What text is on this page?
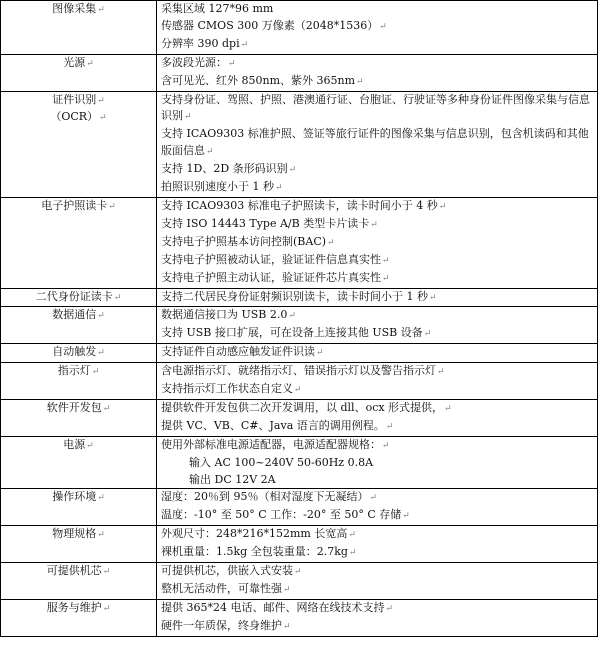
图像采集↵	采集区域 127*96 mm
传感器 CMOS 300 万像素（2048*1536）↵
分辨率 390 dpi↵

光源↵	多波段光源：↵
含可见光、红外 850nm、紫外 365nm↵

证件识别↵
（OCR）↵	支持身份证、驾照、护照、港澳通行证、台胞证、行驶证等多种身份证件图像采集与信息识别↵
支持 ICAO9303 标准护照、签证等旅行证件的图像采集与信息识别，包含机读码和其他版面信息↵
支持 1D、2D 条形码识别↵
拍照识别速度小于 1 秒↵

电子护照读卡↵	支持 ICAO9303 标准电子护照读卡，读卡时间小于 4 秒↵
支持 ISO 14443 Type A/B 类型卡片读卡↵
支持电子护照基本访问控制(BAC)↵
支持电子护照被动认证，验证证件信息真实性↵
支持电子护照主动认证，验证证件芯片真实性↵

二代身份证读卡↵	支持二代居民身份证射频识别读卡，读卡时间小于 1 秒↵

数据通信↵	数据通信接口为 USB 2.0↵
支持 USB 接口扩展，可在设备上连接其他 USB 设备↵

自动触发↵	支持证件自动感应触发证件识读↵

指示灯↵	含电源指示灯、就绪指示灯、错误指示灯以及警告指示灯↵
支持指示灯工作状态自定义↵

软件开发包↵	提供软件开发包供二次开发调用，以 dll、ocx 形式提供，↵
提供 VC、VB、C#、Java 语言的调用例程。↵

电源↵	使用外部标准电源适配器，电源适配器规格：↵
输入 AC 100~240V 50-60Hz 0.8A
输出 DC 12V 2A

操作环境↵	湿度：20％到 95％（相对湿度下无凝结）↵
温度：-10° 至 50° C 工作：-20° 至 50° C 存储↵

物理规格↵	外观尺寸：248*216*152mm 长宽高↵
裸机重量：1.5kg 全包装重量：2.7kg↵

可提供机芯↵	可提供机芯，供嵌入式安装↵
整机无活动件，可靠性强↵

服务与维护↵	提供 365*24 电话、邮件、网络在线技术支持↵
硬件一年质保，终身维护↵
